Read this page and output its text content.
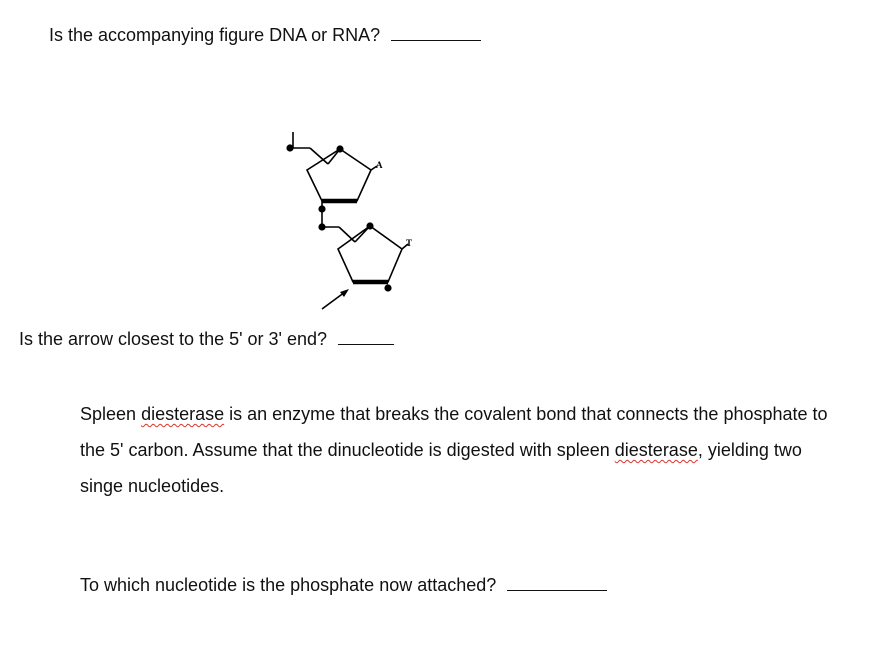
Is the accompanying figure DNA or RNA?
A
T
Is the arrow closest to the 5' or 3' end?
Spleen diesterase is an enzyme that breaks the covalent bond that connects the phosphate to the 5' carbon. Assume that the dinucleotide is digested with spleen diesterase, yielding two singe nucleotides.
To which nucleotide is the phosphate now attached?
